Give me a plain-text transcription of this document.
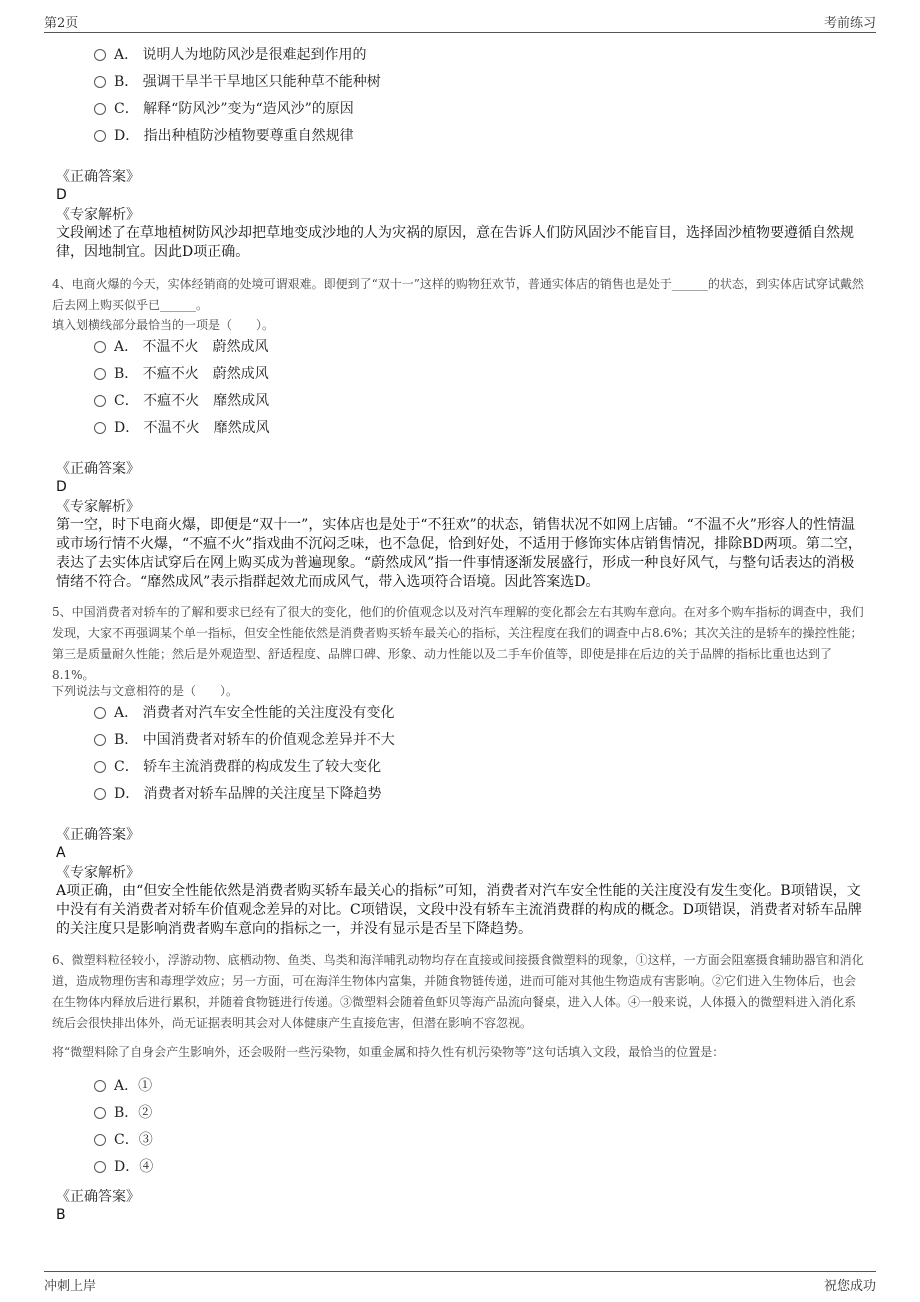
第2页	考前练习
A． 说明人为地防风沙是很难起到作用的
B． 强调干旱半干旱地区只能种草不能种树
C． 解释“防风沙”变为“造风沙”的原因
D． 指出种植防沙植物要尊重自然规律
《正确答案》
D
《专家解析》
文段阐述了在草地植树防风沙却把草地变成沙地的人为灾祸的原因，意在告诉人们防风固沙不能盲目，选择固沙植物要遵循自然规律，因地制宜。因此D项正确。
4、电商火爆的今天，实体经销商的处境可谓艰难。即便到了“双十一”这样的购物狂欢节，普通实体店的销售也是处于______的状态，到实体店试穿试戴然后去网上购买似乎已______。
填入划横线部分最恰当的一项是（　　）。
A． 不温不火　蔚然成风
B． 不瘟不火　蔚然成风
C． 不瘟不火　靡然成风
D． 不温不火　靡然成风
《正确答案》
D
《专家解析》
第一空，时下电商火爆，即便是“双十一”，实体店也是处于“不狂欢”的状态，销售状况不如网上店铺。“不温不火”形容人的性情温或市场行情不火爆，“不瘟不火”指戏曲不沉闷乏味，也不急促，恰到好处，不适用于修饰实体店销售情况，排除BD两项。第二空，表达了去实体店试穿后在网上购买成为普遍现象。“蔚然成风”指一件事情逐渐发展盛行，形成一种良好风气，与整句话表达的消极情绪不符合。“靡然成风”表示指群起效尤而成风气，带入选项符合语境。因此答案选D。
5、中国消费者对轿车的了解和要求已经有了很大的变化，他们的价值观念以及对汽车理解的变化都会左右其购车意向。在对多个购车指标的调查中，我们发现，大家不再强调某个单一指标，但安全性能依然是消费者购买轿车最关心的指标，关注程度在我们的调查中占8.6%；其次关注的是轿车的操控性能；第三是质量耐久性能；然后是外观造型、舒适程度、品牌口碑、形象、动力性能以及二手车价值等，即使是排在后边的关于品牌的指标比重也达到了8.1%。
下列说法与文意相符的是（　　）。
A． 消费者对汽车安全性能的关注度没有变化
B． 中国消费者对轿车的价值观念差异并不大
C． 轿车主流消费群的构成发生了较大变化
D． 消费者对轿车品牌的关注度呈下降趋势
《正确答案》
A
《专家解析》
A项正确，由“但安全性能依然是消费者购买轿车最关心的指标”可知，消费者对汽车安全性能的关注度没有发生变化。B项错误，文中没有有关消费者对轿车价值观念差异的对比。C项错误，文段中没有轿车主流消费群的构成的概念。D项错误，消费者对轿车品牌的关注度只是影响消费者购车意向的指标之一，并没有显示是否呈下降趋势。
6、微塑料粒径较小，浮游动物、底栖动物、鱼类、鸟类和海洋哺乳动物均存在直接或间接摄食微塑料的现象，①这样，一方面会阻塞摄食辅助器官和消化道，造成物理伤害和毒理学效应；另一方面，可在海洋生物体内富集，并随食物链传递，进而可能对其他生物造成有害影响。②它们进入生物体后，也会在生物体内释放后进行累积，并随着食物链进行传递。③微塑料会随着鱼虾贝等海产品流向餐桌，进入人体。④一般来说，人体摄入的微塑料进入消化系统后会很快排出体外，尚无证据表明其会对人体健康产生直接危害，但潜在影响不容忽视。
将“微塑料除了自身会产生影响外，还会吸附一些污染物，如重金属和持久性有机污染物等”这句话填入文段，最恰当的位置是：
A．①
B．②
C．③
D．④
《正确答案》
B
冲刺上岸	祝您成功
